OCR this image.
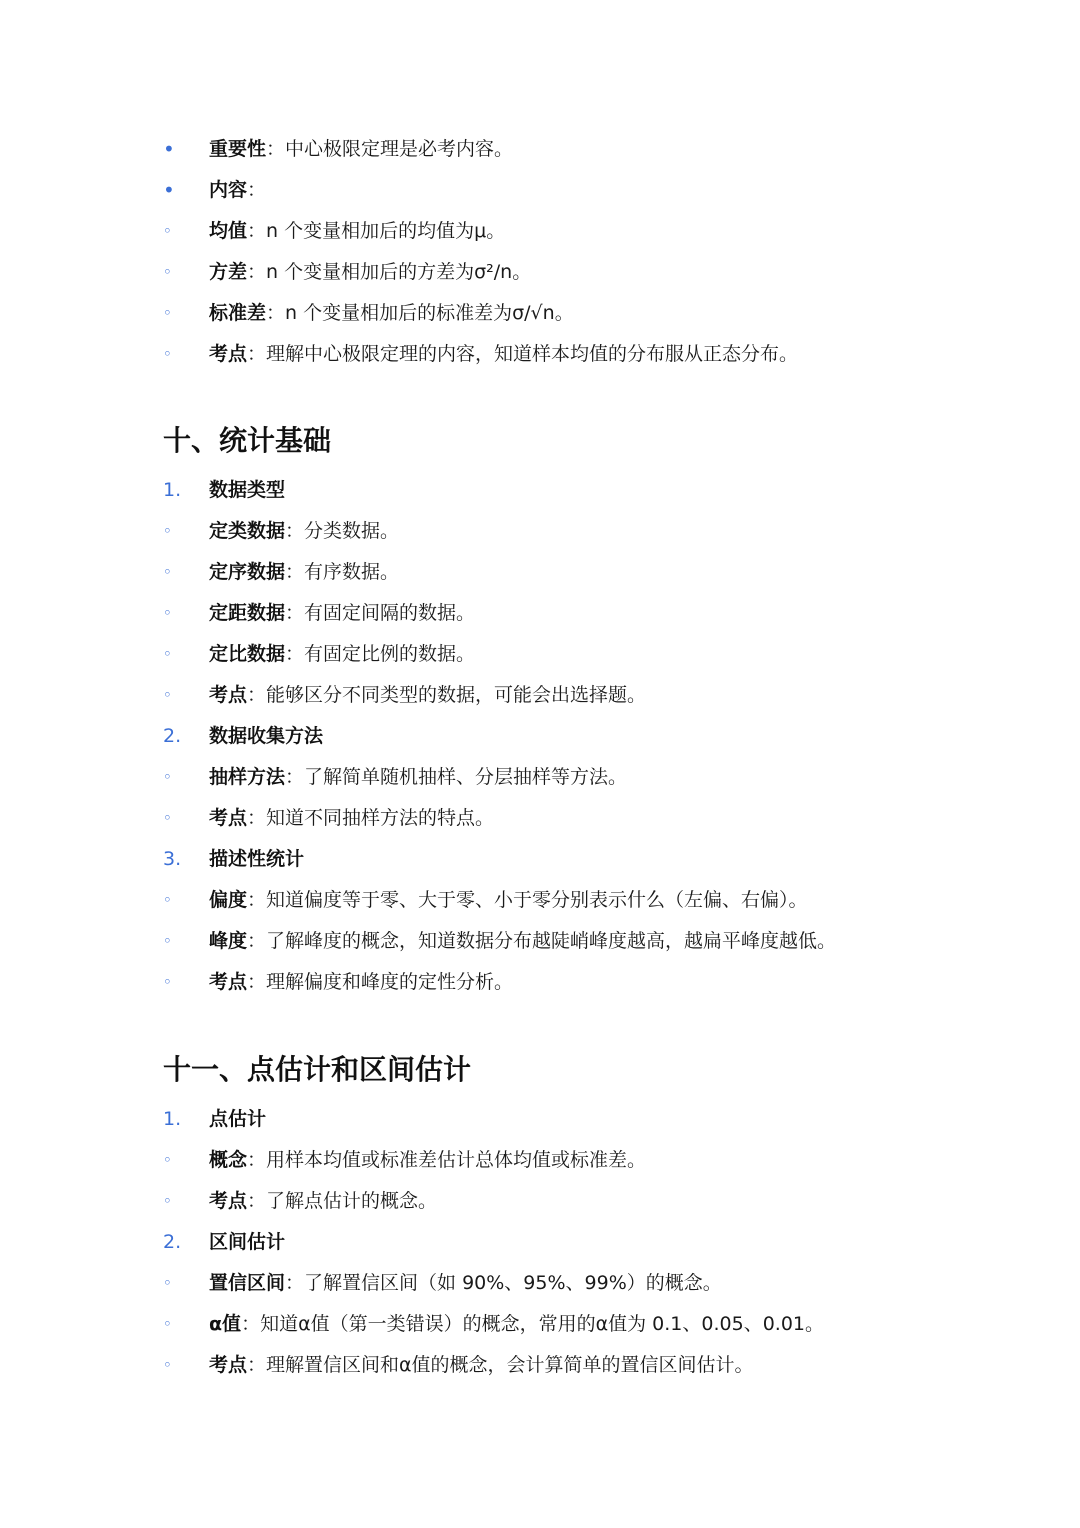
•	重要性：中心极限定理是必考内容。
•	内容：
◦	均值：n 个变量相加后的均值为μ。
◦	方差：n 个变量相加后的方差为σ²/n。
◦	标准差：n 个变量相加后的标准差为σ/√n。
◦	考点：理解中心极限定理的内容，知道样本均值的分布服从正态分布。
十、统计基础
1.	数据类型
◦	定类数据：分类数据。
◦	定序数据：有序数据。
◦	定距数据：有固定间隔的数据。
◦	定比数据：有固定比例的数据。
◦	考点：能够区分不同类型的数据，可能会出选择题。
2.	数据收集方法
◦	抽样方法：了解简单随机抽样、分层抽样等方法。
◦	考点：知道不同抽样方法的特点。
3.	描述性统计
◦	偏度：知道偏度等于零、大于零、小于零分别表示什么（左偏、右偏）。
◦	峰度：了解峰度的概念，知道数据分布越陡峭峰度越高，越扁平峰度越低。
◦	考点：理解偏度和峰度的定性分析。
十一、点估计和区间估计
1.	点估计
◦	概念：用样本均值或标准差估计总体均值或标准差。
◦	考点：了解点估计的概念。
2.	区间估计
◦	置信区间：了解置信区间（如 90%、95%、99%）的概念。
◦	α值：知道α值（第一类错误）的概念，常用的α值为 0.1、0.05、0.01。
◦	考点：理解置信区间和α值的概念，会计算简单的置信区间估计。
